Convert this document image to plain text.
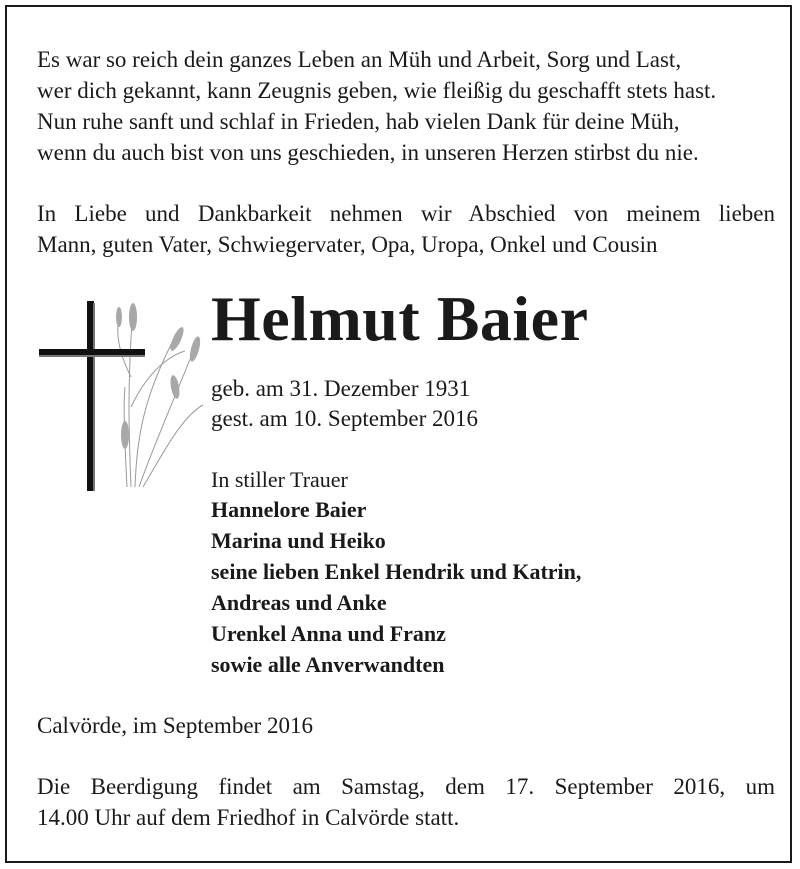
Es war so reich dein ganzes Leben an Müh und Arbeit, Sorg und Last,
wer dich gekannt, kann Zeugnis geben, wie fleißig du geschafft stets hast.
Nun ruhe sanft und schlaf in Frieden, hab vielen Dank für deine Müh,
wenn du auch bist von uns geschieden, in unseren Herzen stirbst du nie.
In Liebe und Dankbarkeit nehmen wir Abschied von meinem lieben
Mann, guten Vater, Schwiegervater, Opa, Uropa, Onkel und Cousin
Helmut Baier
geb. am 31. Dezember 1931
gest. am 10. September 2016
In stiller Trauer
Hannelore Baier
Marina und Heiko
seine lieben Enkel Hendrik und Katrin,
Andreas und Anke
Urenkel Anna und Franz
sowie alle Anverwandten
Calvörde, im September 2016
Die Beerdigung findet am Samstag, dem 17. September 2016, um
14.00 Uhr auf dem Friedhof in Calvörde statt.
